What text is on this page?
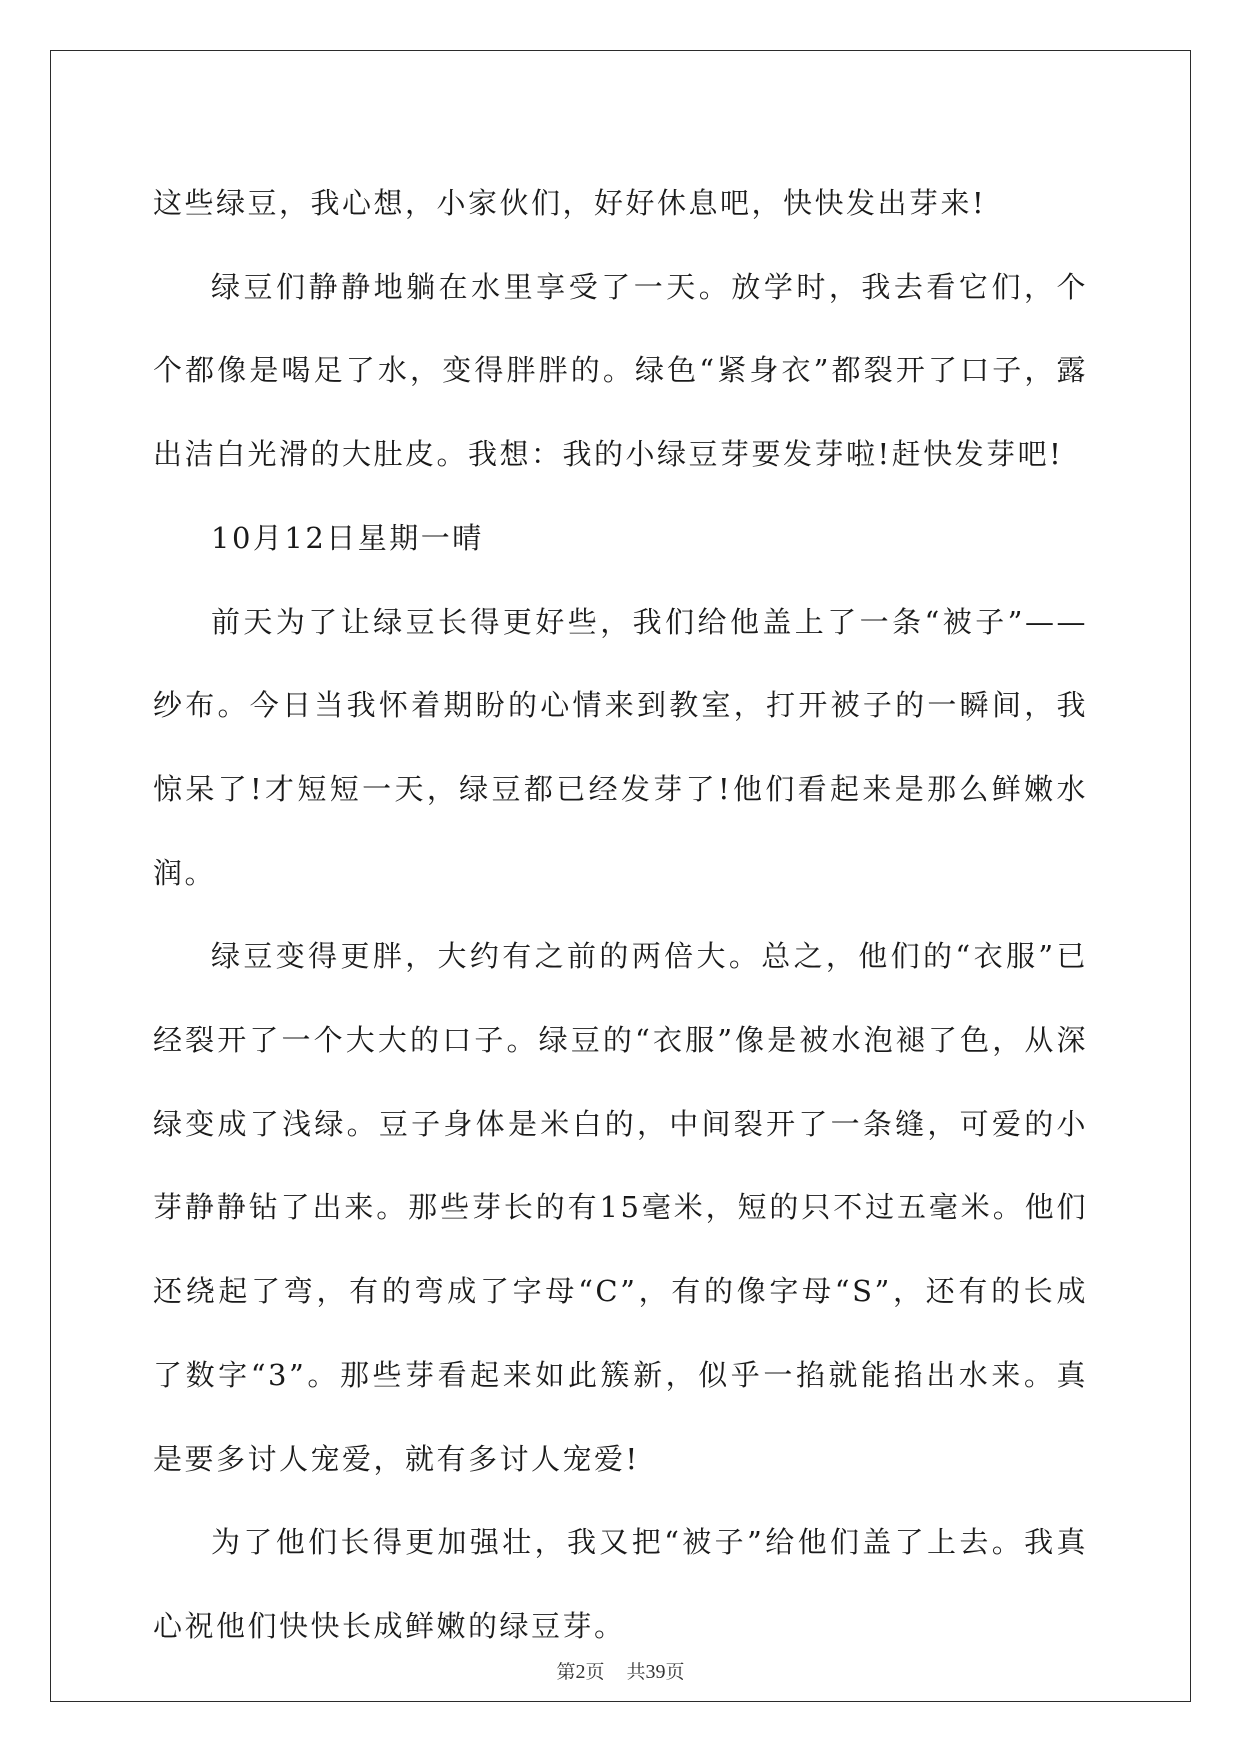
这些绿豆，我心想，小家伙们，好好休息吧，快快发出芽来!

绿豆们静静地躺在水里享受了一天。放学时，我去看它们，个个都像是喝足了水，变得胖胖的。绿色“紧身衣”都裂开了口子，露出洁白光滑的大肚皮。我想：我的小绿豆芽要发芽啦!赶快发芽吧!

10月12日星期一晴

前天为了让绿豆长得更好些，我们给他盖上了一条“被子”——纱布。今日当我怀着期盼的心情来到教室，打开被子的一瞬间，我惊呆了!才短短一天，绿豆都已经发芽了!他们看起来是那么鲜嫩水润。

绿豆变得更胖，大约有之前的两倍大。总之，他们的“衣服”已经裂开了一个大大的口子。绿豆的“衣服”像是被水泡褪了色，从深绿变成了浅绿。豆子身体是米白的，中间裂开了一条缝，可爱的小芽静静钻了出来。那些芽长的有15毫米，短的只不过五毫米。他们还绕起了弯，有的弯成了字母“C”，有的像字母“S”，还有的长成了数字“3”。那些芽看起来如此簇新，似乎一掐就能掐出水来。真是要多讨人宠爱，就有多讨人宠爱!

为了他们长得更加强壮，我又把“被子”给他们盖了上去。我真心祝他们快快长成鲜嫩的绿豆芽。

第2页 共39页
